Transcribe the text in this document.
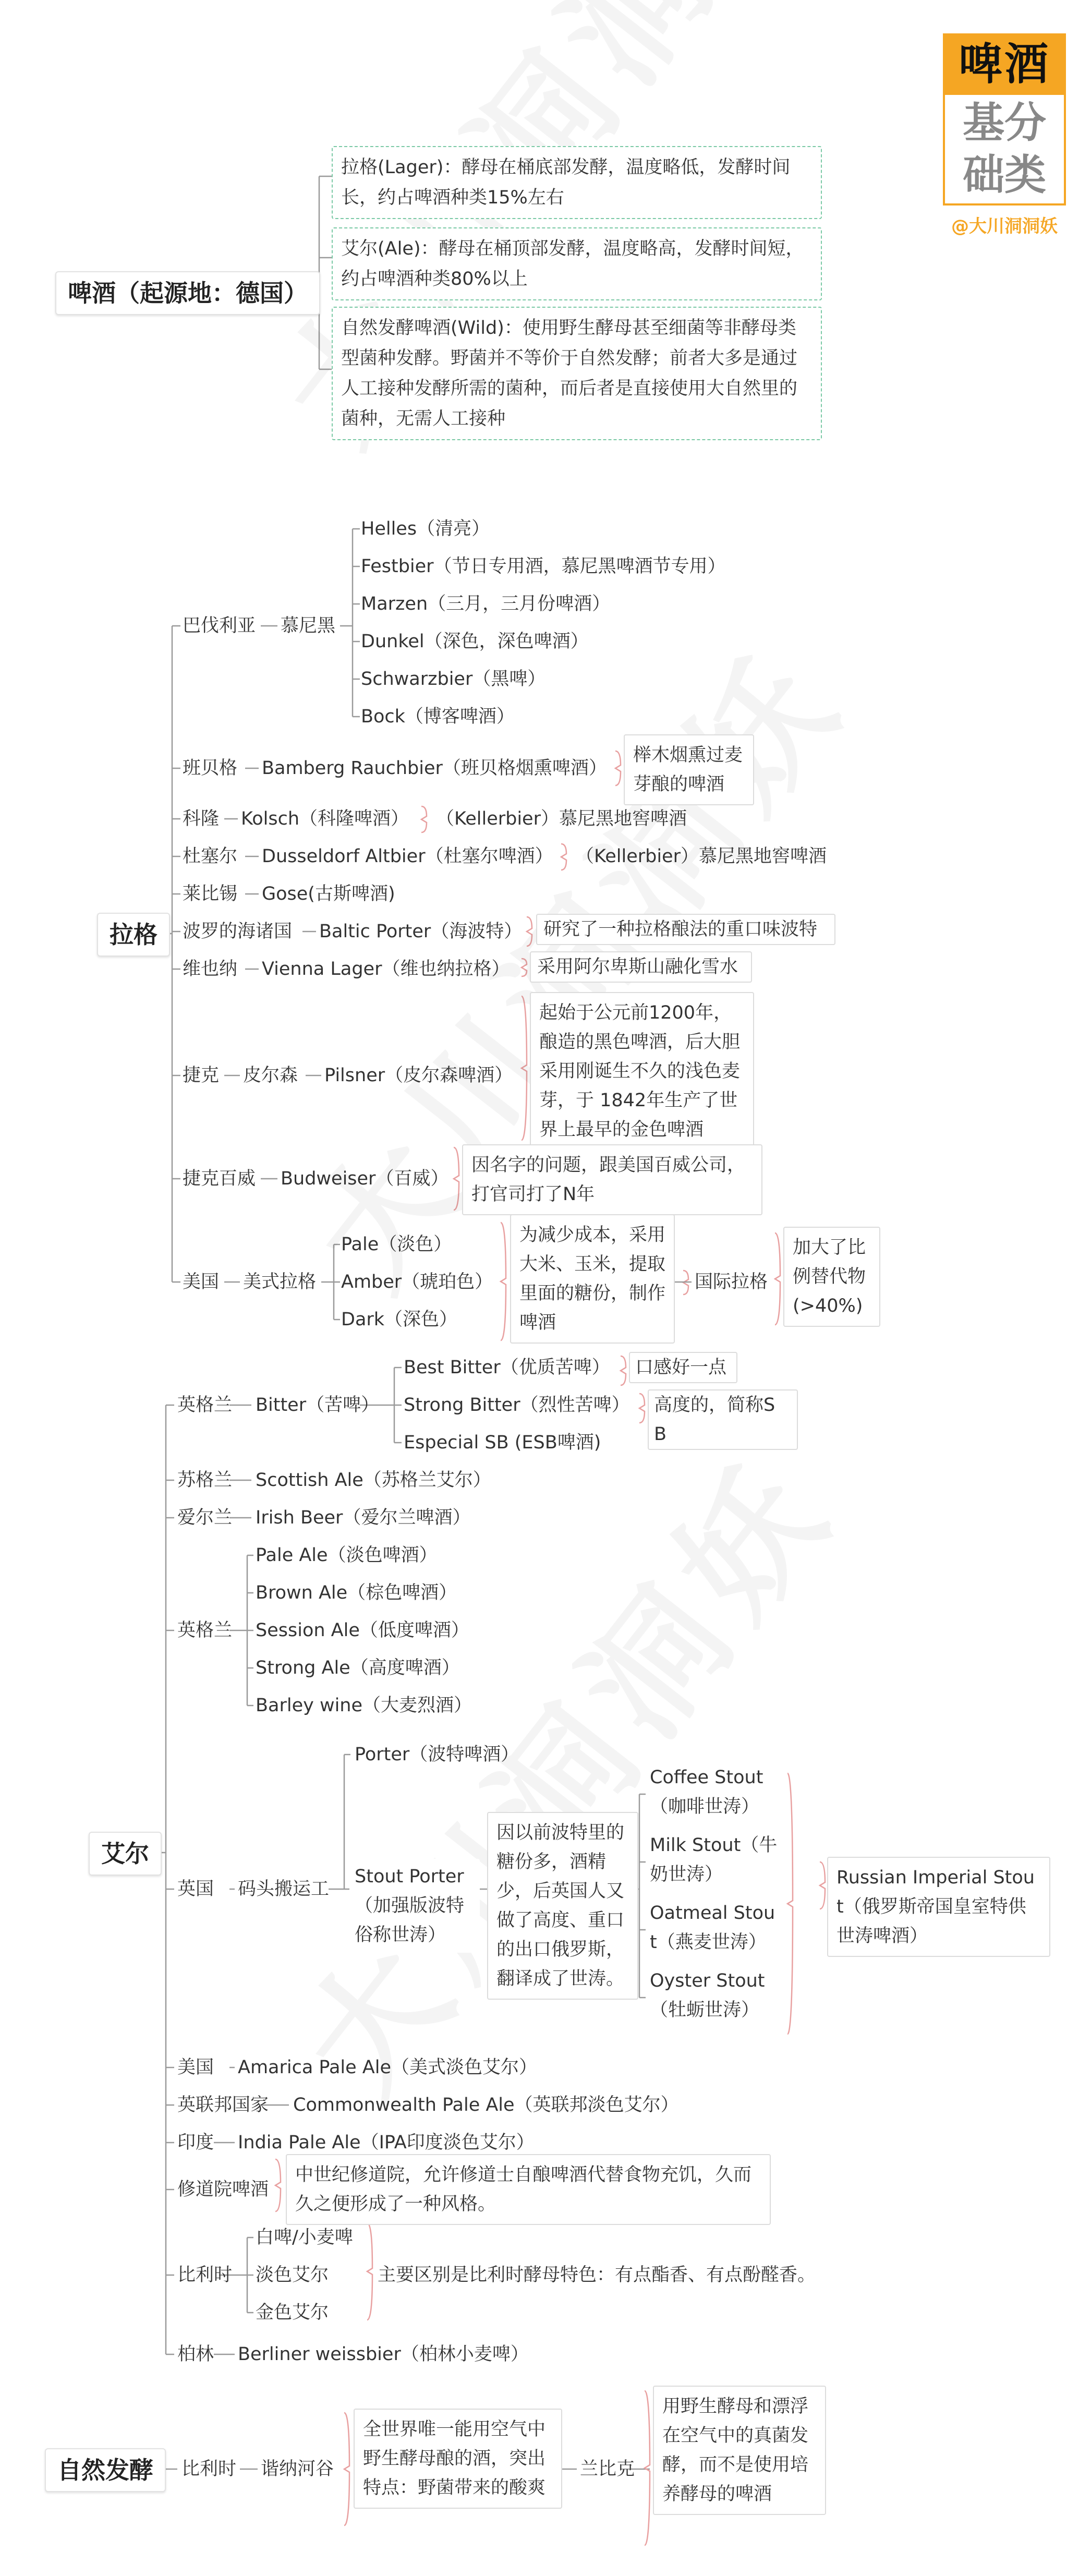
啤酒
基分
础类
@大川洞洞妖
啤酒（起源地：德国）
拉格(Lager)：酵母在桶底部发酵，温度略低，发酵时间长，约占啤酒种类15%左右
艾尔(Ale)：酵母在桶顶部发酵，温度略高，发酵时间短，约占啤酒种类80%以上
自然发酵啤酒(Wild)：使用野生酵母甚至细菌等非酵母类型菌种发酵。野菌并不等价于自然发酵；前者大多是通过人工接种发酵所需的菌种，而后者是直接使用大自然里的菌种，无需人工接种
拉格
巴伐利亚 慕尼黑
Helles（清亮）
Festbier（节日专用酒，慕尼黑啤酒节专用）
Marzen（三月，三月份啤酒）
Dunkel（深色，深色啤酒）
Schwarzbier（黑啤）
Bock（博客啤酒）
班贝格 Bamberg Rauchbier（班贝格烟熏啤酒）
榉木烟熏过麦芽酿的啤酒
科隆 Kolsch（科隆啤酒） （Kellerbier）慕尼黑地窖啤酒
杜塞尔 Dusseldorf Altbier（杜塞尔啤酒） （Kellerbier）慕尼黑地窖啤酒
莱比锡 Gose(古斯啤酒)
波罗的海诸国 Baltic Porter（海波特）	研究了一种拉格酿法的重口味波特
维也纳 Vienna Lager（维也纳拉格）	采用阿尔卑斯山融化雪水
捷克 皮尔森 Pilsner（皮尔森啤酒）
起始于公元前1200年，酿造的黑色啤酒，后大胆采用刚诞生不久的浅色麦芽，于 1842年生产了世界上最早的金色啤酒
捷克百威 Budweiser（百威）
因名字的问题，跟美国百威公司，打官司打了N年
美国 美式拉格
Pale（淡色）
Amber（琥珀色）
Dark（深色）
为减少成本，采用大米、玉米，提取里面的糖份，制作啤酒
国际拉格
加大了比例替代物(>40%)
艾尔
英格兰 Bitter（苦啤）
Best Bitter（优质苦啤）
Strong Bitter（烈性苦啤）
Especial SB (ESB啤酒)
口感好一点
高度的，简称S B
苏格兰 Scottish Ale（苏格兰艾尔）
爱尔兰 Irish Beer（爱尔兰啤酒）
英格兰
Pale Ale（淡色啤酒）
Brown Ale（棕色啤酒）
Session Ale（低度啤酒）
Strong Ale（高度啤酒）
Barley wine（大麦烈酒）
英国 码头搬运工
Porter（波特啤酒）
Stout Porter（加强版波特俗称世涛）
因以前波特里的糖份多，酒精少，后英国人又做了高度、重口的出口俄罗斯，翻译成了世涛。
Coffee Stout（咖啡世涛）
Milk Stout（牛奶世涛）
Oatmeal Stout（燕麦世涛）
Oyster Stout（牡蛎世涛）
Russian Imperial Stout（俄罗斯帝国皇室特供世涛啤酒）
美国 Amarica Pale Ale（美式淡色艾尔）
英联邦国家 Commonwealth Pale Ale（英联邦淡色艾尔）
印度 India Pale Ale（IPA印度淡色艾尔）
修道院啤酒
中世纪修道院，允许修道士自酿啤酒代替食物充饥，久而久之便形成了一种风格。
比利时
白啤/小麦啤
淡色艾尔
金色艾尔
主要区别是比利时酵母特色：有点酯香、有点酚醛香。
柏林 Berliner weissbier（柏林小麦啤）
自然发酵	比利时 谐纳河谷
全世界唯一能用空气中野生酵母酿的酒，突出特点：野菌带来的酸爽
兰比克
用野生酵母和漂浮在空气中的真菌发酵，而不是使用培养酵母的啤酒
